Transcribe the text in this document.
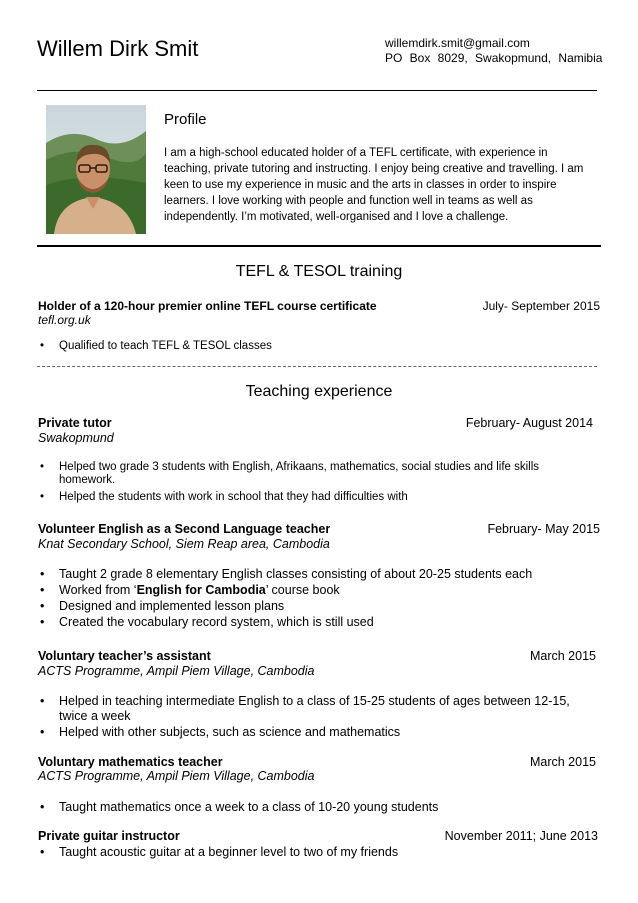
Willem Dirk Smit	willemdirk.smit@gmail.com
PO Box 8029, Swakopmund, Namibia
Profile
I am a high-school educated holder of a TEFL certificate, with experience in teaching, private tutoring and instructing. I enjoy being creative and travelling. I am keen to use my experience in music and the arts in classes in order to inspire learners. I love working with people and function well in teams as well as independently. I’m motivated, well-organised and I love a challenge.
TEFL & TESOL training
Holder of a 120-hour premier online TEFL course certificate	July- September 2015
tefl.org.uk
• Qualified to teach TEFL & TESOL classes
Teaching experience
Private tutor	February- August 2014
Swakopmund
• Helped two grade 3 students with English, Afrikaans, mathematics, social studies and life skills homework.
• Helped the students with work in school that they had difficulties with
Volunteer English as a Second Language teacher	February- May 2015
Knat Secondary School, Siem Reap area, Cambodia
• Taught 2 grade 8 elementary English classes consisting of about 20-25 students each
• Worked from ‘English for Cambodia’ course book
• Designed and implemented lesson plans
• Created the vocabulary record system, which is still used
Voluntary teacher’s assistant	March 2015
ACTS Programme, Ampil Piem Village, Cambodia
• Helped in teaching intermediate English to a class of 15-25 students of ages between 12-15, twice a week
• Helped with other subjects, such as science and mathematics
Voluntary mathematics teacher	March 2015
ACTS Programme, Ampil Piem Village, Cambodia
• Taught mathematics once a week to a class of 10-20 young students
Private guitar instructor	November 2011; June 2013
• Taught acoustic guitar at a beginner level to two of my friends
